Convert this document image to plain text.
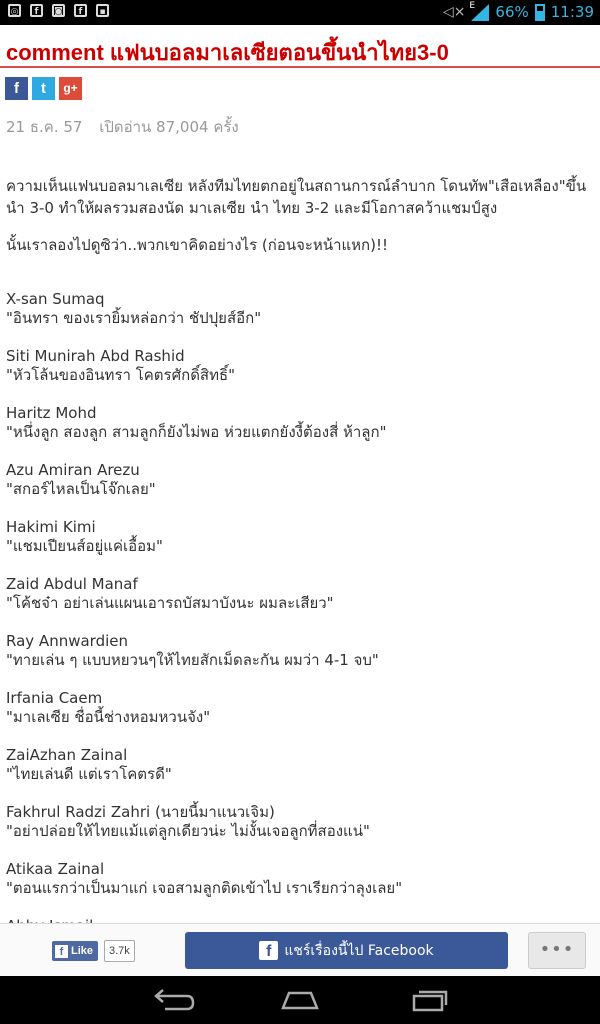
◎	f	◙	f	▪	◁× E 66% 11:39
comment แฟนบอลมาเลเซียตอนขึ้นนำไทย3-0
f	t	g+
21 ธ.ค. 57 เปิดอ่าน 87,004 ครั้ง

ความเห็นแฟนบอลมาเลเซีย หลังทีมไทยตกอยู่ในสถานการณ์ลำบาก โดนทัพ"เสือเหลือง"ขึ้นนำ 3-0 ทำให้ผลรวมสองนัด มาเลเซีย นำ ไทย 3-2 และมีโอกาสคว้าแชมป์สูง

นั้นเราลองไปดูซิว่า..พวกเขาคิดอย่างไร (ก่อนจะหน้าแหก)!!

X-san Sumaq
"อินทรา ของเรายิ้มหล่อกว่า ชัปปุยส์อีก"
Siti Munirah Abd Rashid
"หัวโล้นของอินทรา โคตรศักดิ์สิทธิ์"
Haritz Mohd
"หนึ่งลูก สองลูก สามลูกก็ยังไม่พอ ห่วยแตกยังงี้ต้องสี่ ห้าลูก"
Azu Amiran Arezu
"สกอร์ไหลเป็นโจ๊กเลย"
Hakimi Kimi
"แชมเปียนส์อยู่แค่เอื้อม"
Zaid Abdul Manaf
"โค้ชจ๋า อย่าเล่นแผนเอารถบัสมาบังนะ ผมละเสียว"
Ray Annwardien
"ทายเล่น ๆ แบบหยวนๆให้ไทยสักเม็ดละกัน ผมว่า 4-1 จบ"
Irfania Caem
"มาเลเซีย ชื่อนี้ช่างหอมหวนจัง"
ZaiAzhan Zainal
"ไทยเล่นดี แต่เราโคตรดี"
Fakhrul Radzi Zahri (นายนี้มาแนวเจิม)
"อย่าปล่อยให้ไทยแม้แต่ลูกเดียวน่ะ ไม่งั้นเจอลูกที่สองแน่"
Atikaa Zainal
"ตอนแรกว่าเป็นมาแก่ เจอสามลูกติดเข้าไป เราเรียกว่าลุงเลย"
f Like	3.7k	f แชร์เรื่องนี้ไป Facebook	•••
